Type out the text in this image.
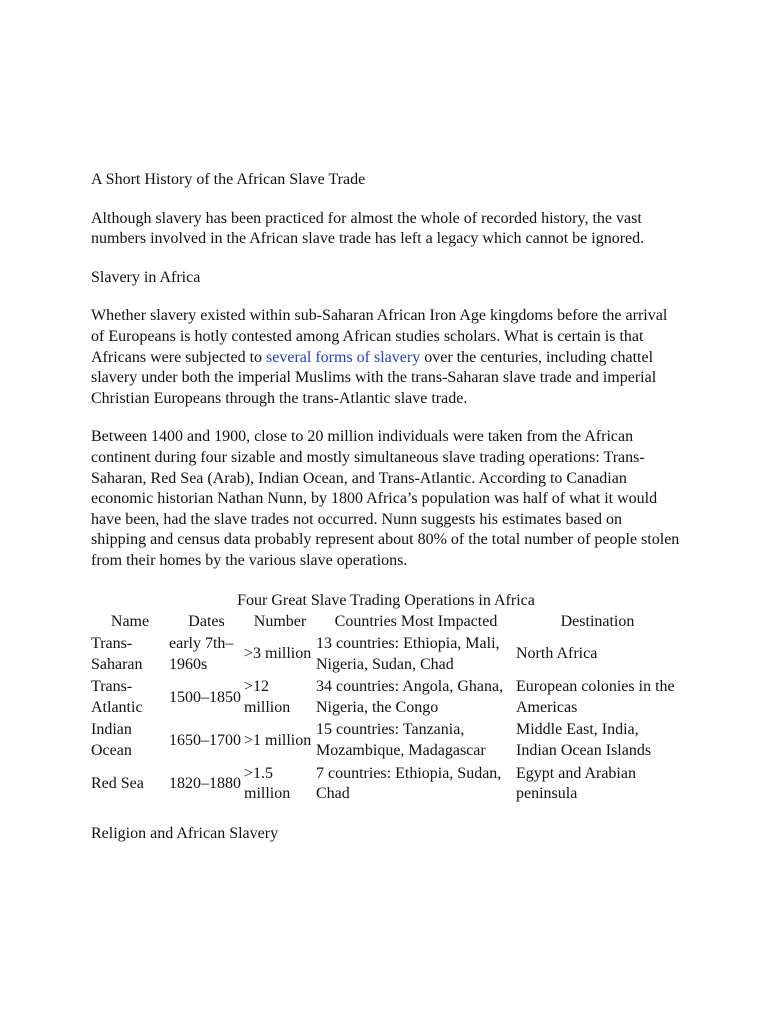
A Short History of the African Slave Trade

Although slavery has been practiced for almost the whole of recorded history, the vast numbers involved in the African slave trade has left a legacy which cannot be ignored.

Slavery in Africa

Whether slavery existed within sub-Saharan African Iron Age kingdoms before the arrival of Europeans is hotly contested among African studies scholars. What is certain is that Africans were subjected to several forms of slavery over the centuries, including chattel slavery under both the imperial Muslims with the trans-Saharan slave trade and imperial Christian Europeans through the trans-Atlantic slave trade.

Between 1400 and 1900, close to 20 million individuals were taken from the African continent during four sizable and mostly simultaneous slave trading operations: Trans-Saharan, Red Sea (Arab), Indian Ocean, and Trans-Atlantic. According to Canadian economic historian Nathan Nunn, by 1800 Africa’s population was half of what it would have been, had the slave trades not occurred. Nunn suggests his estimates based on shipping and census data probably represent about 80% of the total number of people stolen from their homes by the various slave operations.

Four Great Slave Trading Operations in Africa
Name	Dates	Number	Countries Most Impacted	Destination
Trans-Saharan	early 7th–1960s	>3 million	13 countries: Ethiopia, Mali, Nigeria, Sudan, Chad	North Africa
Trans-Atlantic	1500–1850	>12 million	34 countries: Angola, Ghana, Nigeria, the Congo	European colonies in the Americas
Indian Ocean	1650–1700	>1 million	15 countries: Tanzania, Mozambique, Madagascar	Middle East, India, Indian Ocean Islands
Red Sea	1820–1880	>1.5 million	7 countries: Ethiopia, Sudan, Chad	Egypt and Arabian peninsula

Religion and African Slavery
